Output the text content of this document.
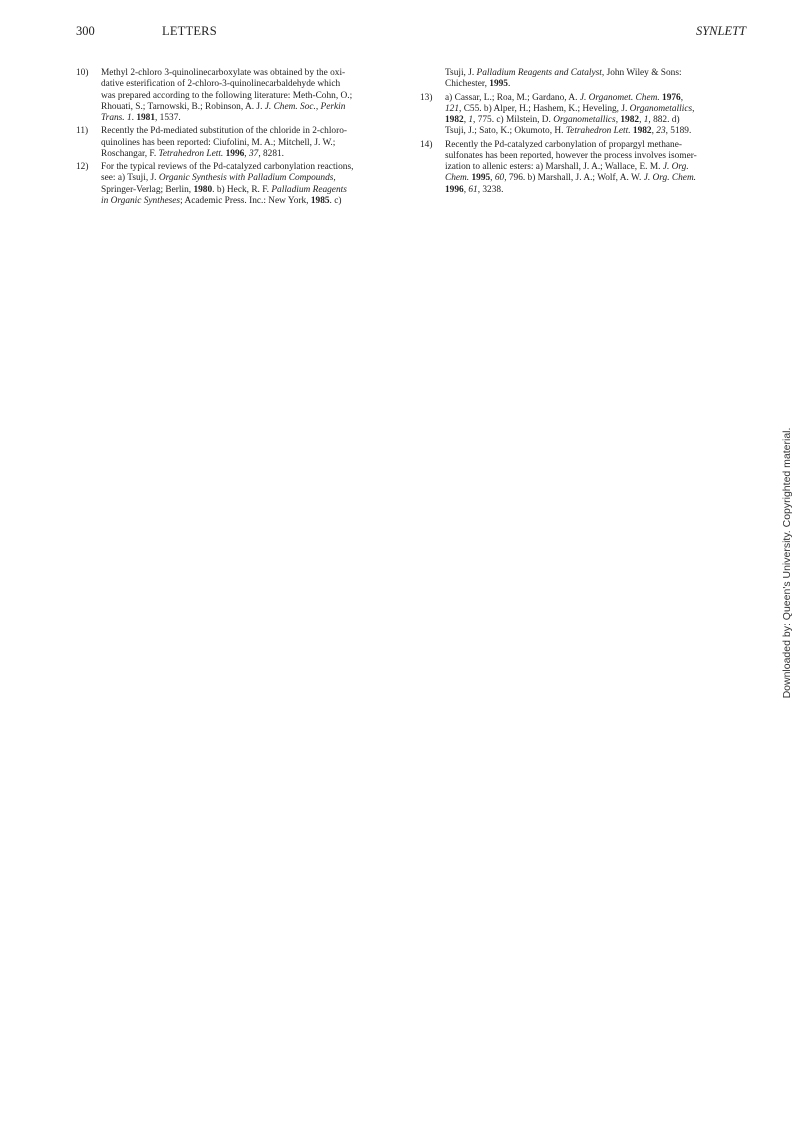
300	LETTERS	SYNLETT
10) Methyl 2-chloro 3-quinolinecarboxylate was obtained by the oxi-
dative esterification of 2-chloro-3-quinolinecarbaldehyde which
was prepared according to the following literature: Meth-Cohn, O.;
Rhouati, S.; Tarnowski, B.; Robinson, A. J. J. Chem. Soc., Perkin
Trans. 1. 1981, 1537.
11) Recently the Pd-mediated substitution of the chloride in 2-chloro-
quinolines has been reported: Ciufolini, M. A.; Mitchell, J. W.;
Roschangar, F. Tetrahedron Lett. 1996, 37, 8281.
12) For the typical reviews of the Pd-catalyzed carbonylation reactions,
see: a) Tsuji, J. Organic Synthesis with Palladium Compounds,
Springer-Verlag; Berlin, 1980. b) Heck, R. F. Palladium Reagents
in Organic Syntheses; Academic Press. Inc.: New York, 1985. c)
Tsuji, J. Palladium Reagents and Catalyst, John Wiley & Sons:
Chichester, 1995.
13) a) Cassar, L.; Roa, M.; Gardano, A. J. Organomet. Chem. 1976,
121, C55. b) Alper, H.; Hashem, K.; Heveling, J. Organometallics,
1982, 1, 775. c) Milstein, D. Organometallics, 1982, 1, 882. d)
Tsuji, J.; Sato, K.; Okumoto, H. Tetrahedron Lett. 1982, 23, 5189.
14) Recently the Pd-catalyzed carbonylation of propargyl methane-
sulfonates has been reported, however the process involves isomer-
ization to allenic esters: a) Marshall, J. A.; Wallace, E. M. J. Org.
Chem. 1995, 60, 796. b) Marshall, J. A.; Wolf, A. W. J. Org. Chem.
1996, 61, 3238.
Downloaded by: Queen's University. Copyrighted material.
